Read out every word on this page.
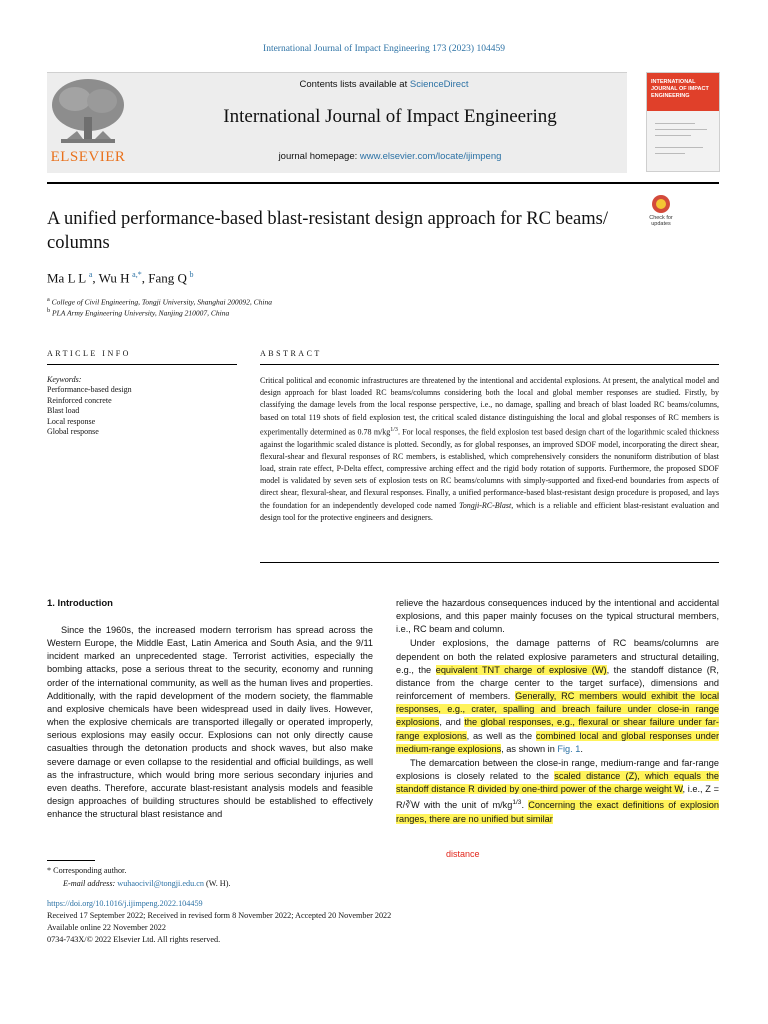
International Journal of Impact Engineering 173 (2023) 104459
Contents lists available at ScienceDirect
International Journal of Impact Engineering
journal homepage: www.elsevier.com/locate/ijimpeng
ELSEVIER
INTERNATIONAL JOURNAL OF IMPACT ENGINEERING
A unified performance-based blast-resistant design approach for RC beams/ columns
Check for updates
Ma L L  $^a$, Wu H  $^{a,*}$, Fang Q  $^b$
$^a$ College of Civil Engineering, Tongji University, Shanghai 200092, China
$^b$ PLA Army Engineering University, Nanjing 210007, China
ARTICLE INFO	ABSTRACT
Keywords:
Performance-based design
Reinforced concrete
Blast load
Local response
Global response
Critical political and economic infrastructures are threatened by the intentional and accidental explosions. At present, the analytical model and design approach for blast loaded RC beams/columns considering both the local and global member responses are studied. Firstly, by classifying the damage levels from the local response perspective, i.e., no damage, spalling and breach of blast loaded RC beams/columns, based on total 119 shots of field explosion test, the critical scaled distance distinguishing the local and global responses of RC members is experimentally determined as 0.78 $m/kg^{1/3}$. For local responses, the field explosion test based design chart of the logarithmic scaled thickness against the logarithmic scaled distance is plotted. Secondly, as for global responses, an improved SDOF model, incorporating the direct shear, flexural-shear and flexural responses of RC members, is established, which comprehensively considers the nonuniform distribution of blast load, strain rate effect, P-Delta effect, compressive arching effect and the rigid body rotation of supports. Furthermore, the proposed SDOF model is validated by seven sets of explosion tests on RC beams/columns with simply-supported and fixed-end boundaries from aspects of direct shear, flexural-shear, and flexural responses. Finally, a unified performance-based blast-resistant design procedure is proposed, and lays the foundation for an independently developed code named Tongji-RC-Blast, which is a reliable and efficient blast-resistant evaluation and design tool for the protective engineers and designers.
1. Introduction

Since the 1960s, the increased modern terrorism has spread across the Western Europe, the Middle East, Latin America and South Asia, and the 9/11 incident marked an unprecedented stage. Terrorist activities, especially the bombing attacks, pose a serious threat to the security, economy and running order of the international community, as well as the human lives and properties. Additionally, with the rapid development of the modern society, the flammable and explosive chemicals have been widespread used in daily lives. However, when the explosive chemicals are transported illegally or operated improperly, serious explosions may easily occur. Explosions can not only directly cause casualties through the detonation products and shock waves, but also make severe damage or even collapse to the residential and official buildings, as well as the infrastructure, which would bring more serious secondary injuries and even deaths. Therefore, accurate blast-resistant analysis models and feasible design approaches of building structures should be established to effectively enhance the structural blast resistance and

relieve the hazardous consequences induced by the intentional and accidental explosions, and this paper mainly focuses on the typical structural members, i.e., RC beam and column.

Under explosions, the damage patterns of RC beams/columns are dependent on both the related explosive parameters and structural detailing, e.g., the equivalent TNT charge of explosive (W), the standoff distance (R, distance from the charge center to the target surface), dimensions and reinforcement of members. Generally, RC members would exhibit the local responses, e.g., crater, spalling and breach failure under close-in range explosions, and the global responses, e.g., flexural or shear failure under far-range explosions, as well as the combined local and global responses under medium-range explosions, as shown in Fig. 1.

The demarcation between the close-in range, medium-range and far-range explosions is closely related to the scaled distance (Z), which equals the standoff distance R divided by one-third power of the charge weight W, i.e., Z = R/∛W with the unit of $m/kg^{1/3}$. Concerning the exact definitions of explosion ranges, there are no unified but similar

distance
* Corresponding author.
E-mail address: wuhaocivil@tongji.edu.cn (W. H).
https://doi.org/10.1016/j.ijimpeng.2022.104459
Received 17 September 2022; Received in revised form 8 November 2022; Accepted 20 November 2022
Available online 22 November 2022
0734-743X/© 2022 Elsevier Ltd. All rights reserved.
